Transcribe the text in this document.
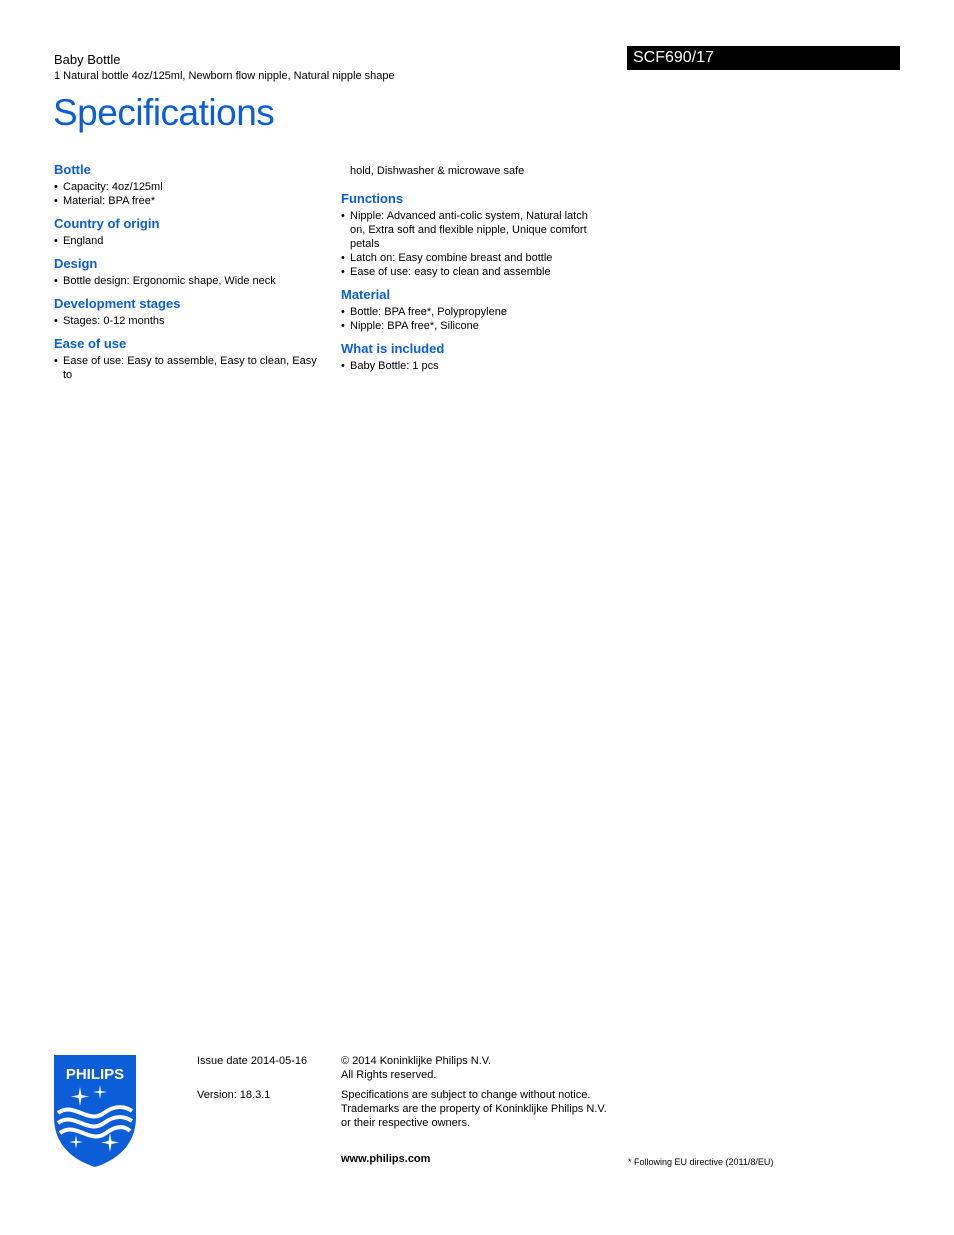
Baby Bottle
1 Natural bottle 4oz/125ml, Newborn flow nipple, Natural nipple shape
SCF690/17
Specifications
Bottle
• Capacity: 4oz/125ml
• Material: BPA free*
Country of origin
• England
Design
• Bottle design: Ergonomic shape, Wide neck
Development stages
• Stages: 0-12 months
Ease of use
• Ease of use: Easy to assemble, Easy to clean, Easy to
hold, Dishwasher & microwave safe
Functions
• Nipple: Advanced anti-colic system, Natural latch on, Extra soft and flexible nipple, Unique comfort petals
• Latch on: Easy combine breast and bottle
• Ease of use: easy to clean and assemble
Material
• Bottle: BPA free*, Polypropylene
• Nipple: BPA free*, Silicone
What is included
• Baby Bottle: 1 pcs
PHILIPS
Issue date 2014-05-16
Version: 18.3.1
© 2014 Koninklijke Philips N.V.
All Rights reserved.
Specifications are subject to change without notice. Trademarks are the property of Koninklijke Philips N.V. or their respective owners.
www.philips.com	* Following EU directive (2011/8/EU)
